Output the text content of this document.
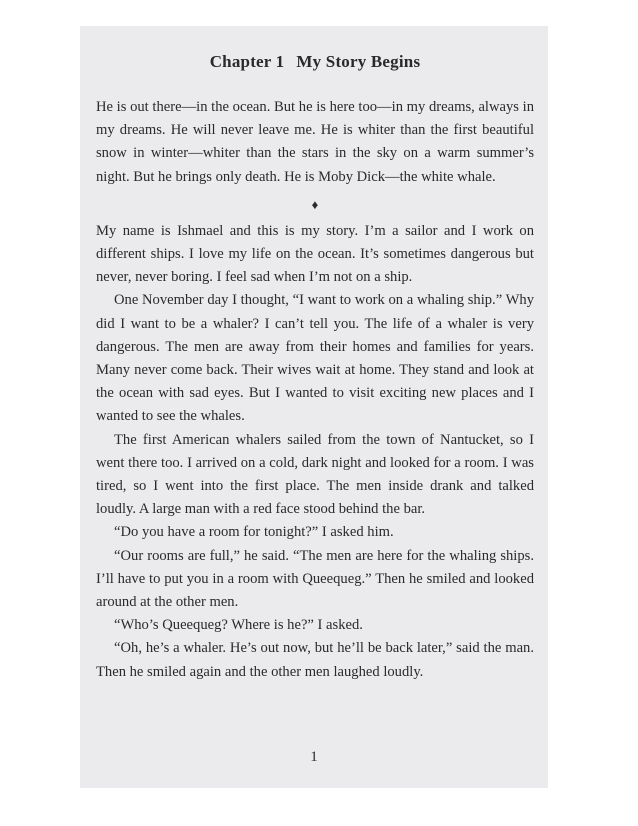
Chapter 1 My Story Begins

He is out there—in the ocean. But he is here too—in my dreams, always in my dreams. He will never leave me. He is whiter than the first beautiful snow in winter—whiter than the stars in the sky on a warm summer’s night. But he brings only death. He is Moby Dick—the white whale.

♦

My name is Ishmael and this is my story. I’m a sailor and I work on different ships. I love my life on the ocean. It’s sometimes dangerous but never, never boring. I feel sad when I’m not on a ship.

One November day I thought, “I want to work on a whaling ship.” Why did I want to be a whaler? I can’t tell you. The life of a whaler is very dangerous. The men are away from their homes and families for years. Many never come back. Their wives wait at home. They stand and look at the ocean with sad eyes. But I wanted to visit exciting new places and I wanted to see the whales.

The first American whalers sailed from the town of Nantucket, so I went there too. I arrived on a cold, dark night and looked for a room. I was tired, so I went into the first place. The men inside drank and talked loudly. A large man with a red face stood behind the bar.

“Do you have a room for tonight?” I asked him.

“Our rooms are full,” he said. “The men are here for the whaling ships. I’ll have to put you in a room with Queequeg.” Then he smiled and looked around at the other men.

“Who’s Queequeg? Where is he?” I asked.

“Oh, he’s a whaler. He’s out now, but he’ll be back later,” said the man. Then he smiled again and the other men laughed loudly.

1
